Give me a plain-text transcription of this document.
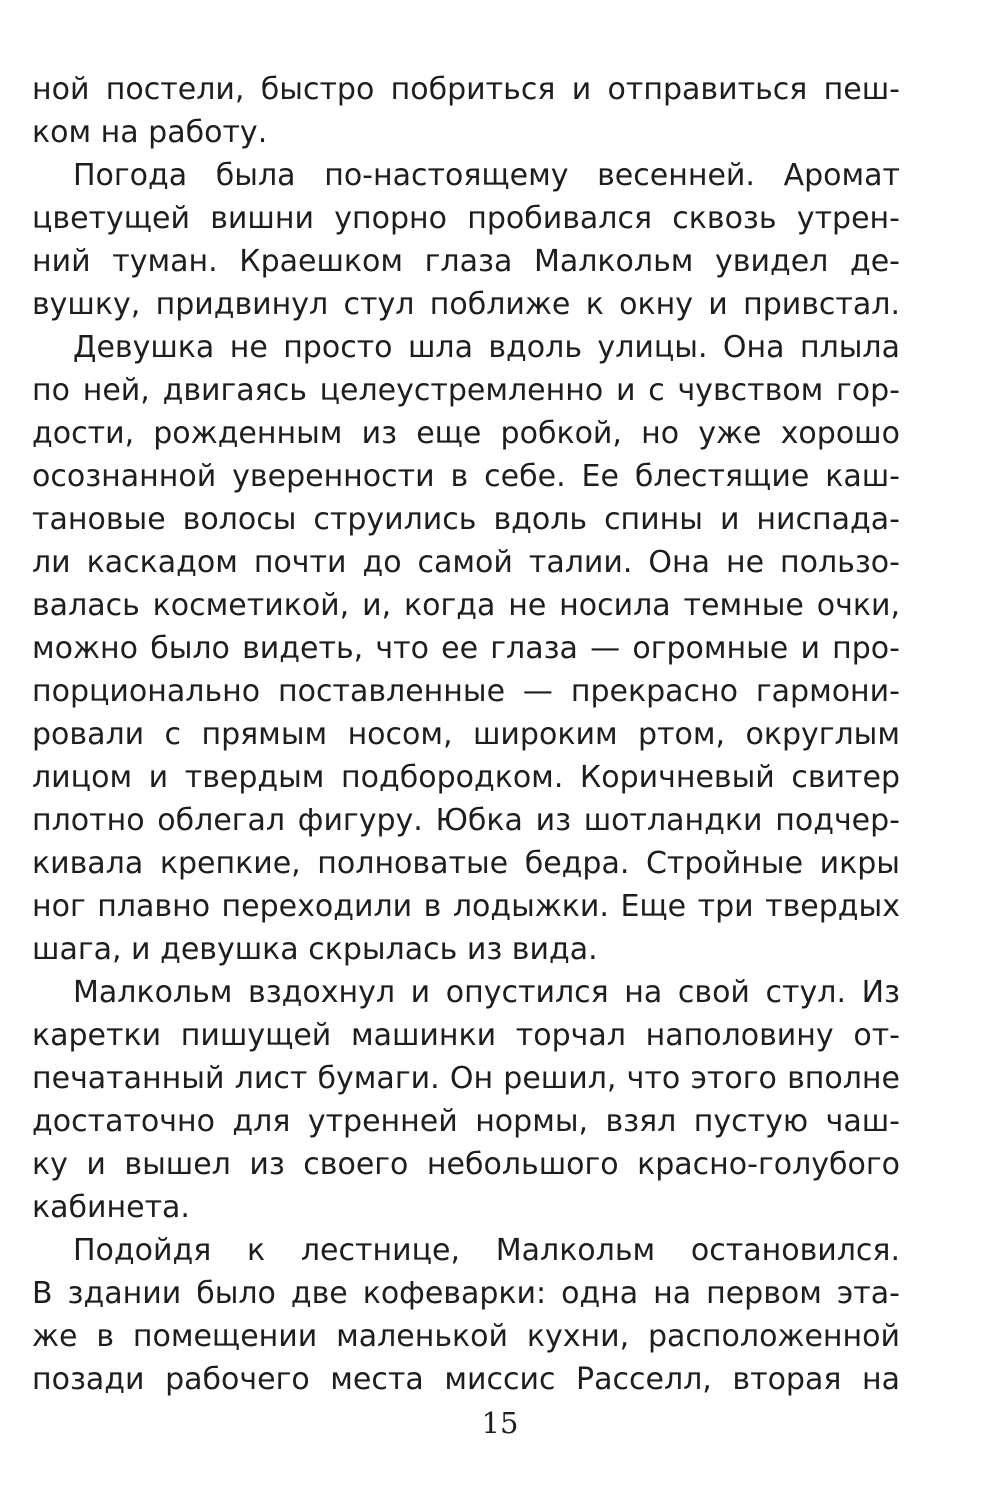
ной постели, быстро побриться и отправиться пеш-
ком на работу.

Погода была по-настоящему весенней. Аромат
цветущей вишни упорно пробивался сквозь утрен-
ний туман. Краешком глаза Малкольм увидел де-
вушку, придвинул стул поближе к окну и привстал.

Девушка не просто шла вдоль улицы. Она плыла
по ней, двигаясь целеустремленно и с чувством гор-
дости, рожденным из еще робкой, но уже хорошо
осознанной уверенности в себе. Ее блестящие каш-
тановые волосы струились вдоль спины и ниспада-
ли каскадом почти до самой талии. Она не пользо-
валась косметикой, и, когда не носила темные очки,
можно было видеть, что ее глаза — огромные и про-
порционально поставленные — прекрасно гармони-
ровали с прямым носом, широким ртом, округлым
лицом и твердым подбородком. Коричневый свитер
плотно облегал фигуру. Юбка из шотландки подчер-
кивала крепкие, полноватые бедра. Стройные икры
ног плавно переходили в лодыжки. Еще три твердых
шага, и девушка скрылась из вида.

Малкольм вздохнул и опустился на свой стул. Из
каретки пишущей машинки торчал наполовину от-
печатанный лист бумаги. Он решил, что этого вполне
достаточно для утренней нормы, взял пустую чаш-
ку и вышел из своего небольшого красно-голубого
кабинета.

Подойдя к лестнице, Малкольм остановился.
В здании было две кофеварки: одна на первом эта-
же в помещении маленькой кухни, расположенной
позади рабочего места миссис Расселл, вторая на

15
